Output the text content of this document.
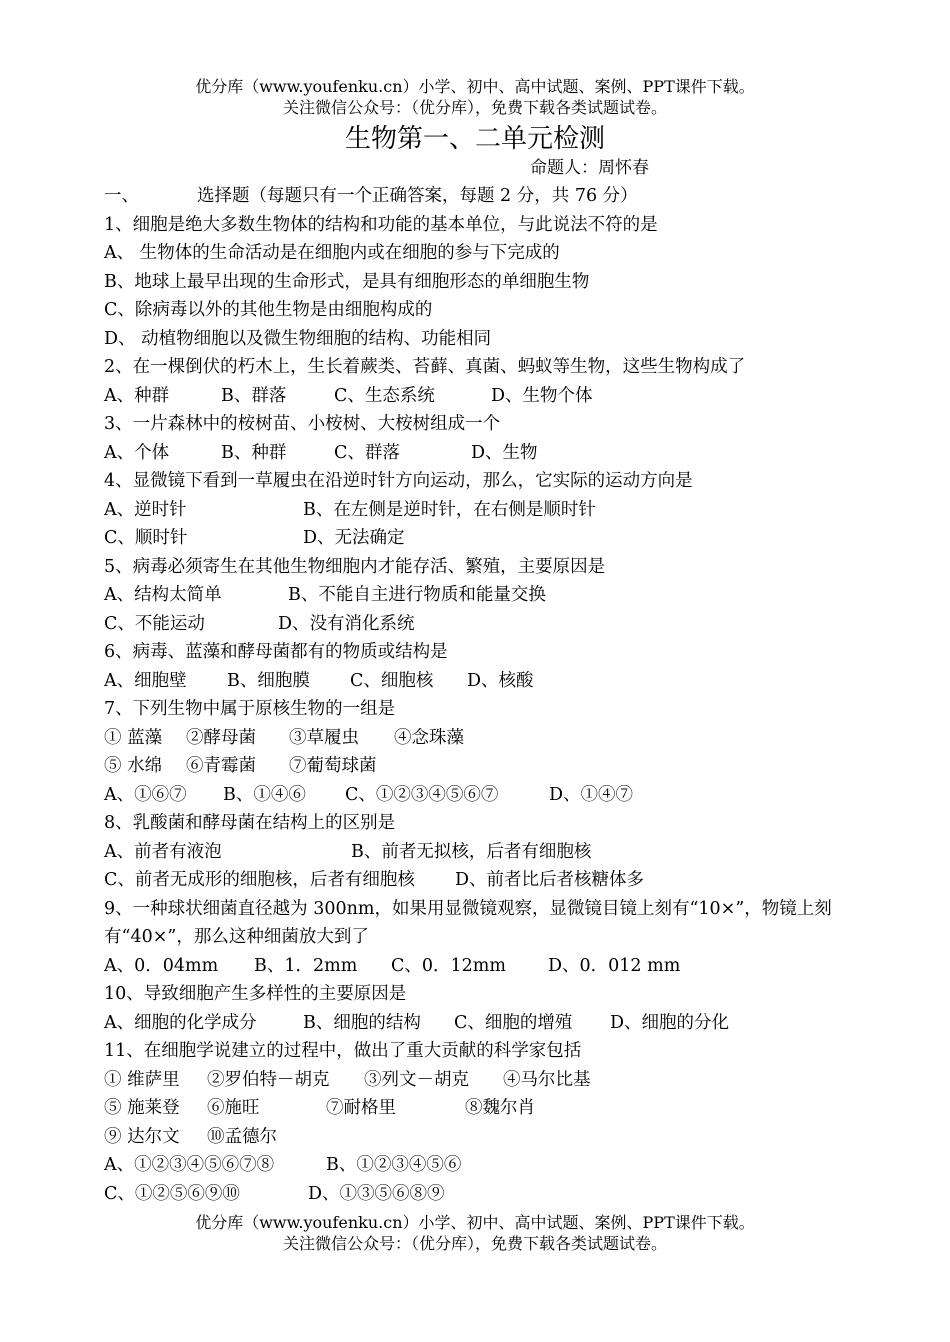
优分库（www.youfenku.cn）小学、初中、高中试题、案例、PPT课件下载。
关注微信公众号：（优分库），免费下载各类试题试卷。
生物第一、二单元检测
命题人：周怀春
一、	选择题（每题只有一个正确答案，每题 2 分，共 76 分）
1、细胞是绝大多数生物体的结构和功能的基本单位，与此说法不符的是
A、 生物体的生命活动是在细胞内或在细胞的参与下完成的
B、地球上最早出现的生命形式，是具有细胞形态的单细胞生物
C、除病毒以外的其他生物是由细胞构成的
D、 动植物细胞以及微生物细胞的结构、功能相同
2、在一棵倒伏的朽木上，生长着蕨类、苔藓、真菌、蚂蚁等生物，这些生物构成了
A、种群	B、群落	C、生态系统	D、生物个体
3、一片森林中的桉树苗、小桉树、大桉树组成一个
A、个体	B、种群	C、群落	D、生物
4、显微镜下看到一草履虫在沿逆时针方向运动，那么，它实际的运动方向是
A、逆时针	B、在左侧是逆时针，在右侧是顺时针
C、顺时针	D、无法确定
5、病毒必须寄生在其他生物细胞内才能存活、繁殖，主要原因是
A、结构太简单	B、不能自主进行物质和能量交换
C、不能运动	D、没有消化系统
6、病毒、蓝藻和酵母菌都有的物质或结构是
A、细胞壁 B、细胞膜 C、细胞核 D、核酸
7、下列生物中属于原核生物的一组是
① 蓝藻 ②酵母菌 ③草履虫 ④念珠藻
⑤ 水绵 ⑥青霉菌 ⑦葡萄球菌
A、①⑥⑦ B、①④⑥ C、①②③④⑤⑥⑦	D、①④⑦
8、乳酸菌和酵母菌在结构上的区别是
A、前者有液泡	B、前者无拟核，后者有细胞核
C、前者无成形的细胞核，后者有细胞核 D、前者比后者核糖体多
9、一种球状细菌直径越为 300nm，如果用显微镜观察，显微镜目镜上刻有“10×”，物镜上刻有“40×”，那么这种细菌放大到了
A、0．04mm B、1．2mm C、0．12mm D、0．012 mm
10、导致细胞产生多样性的主要原因是
A、细胞的化学成分	B、细胞的结构 C、细胞的增殖 D、细胞的分化
11、在细胞学说建立的过程中，做出了重大贡献的科学家包括
① 维萨里 ②罗伯特－胡克 ③列文－胡克 ④马尔比基
⑤ 施莱登 ⑥施旺	⑦耐格里	⑧魏尔肖
⑨ 达尔文 ⑩孟德尔
A、①②③④⑤⑥⑦⑧	B、①②③④⑤⑥
C、①②⑤⑥⑨⑩	D、①③⑤⑥⑧⑨
优分库（www.youfenku.cn）小学、初中、高中试题、案例、PPT课件下载。
关注微信公众号：（优分库），免费下载各类试题试卷。
